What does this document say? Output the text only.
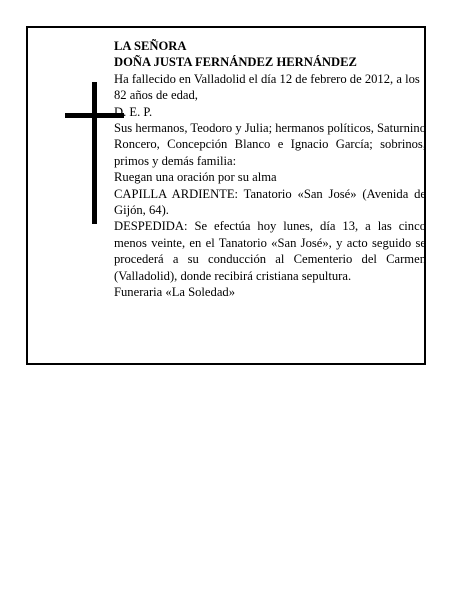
LA SEÑORA

DOÑA JUSTA FERNÁNDEZ HERNÁNDEZ

Ha fallecido en Valladolid el día 12 de febrero de 2012, a los 82 años de edad,

D. E. P.

Sus hermanos, Teodoro y Julia; hermanos políticos, Saturnino Roncero, Concepción Blanco e Ignacio García; sobrinos, primos y demás familia:

Ruegan una oración por su alma

CAPILLA ARDIENTE: Tanatorio «San José» (Avenida de Gijón, 64).

DESPEDIDA: Se efectúa hoy lunes, día 13, a las cinco menos veinte, en el Tanatorio «San José», y acto seguido se procederá a su conducción al Cementerio del Carmen (Valladolid), donde recibirá cristiana sepultura.

Funeraria «La Soledad»
